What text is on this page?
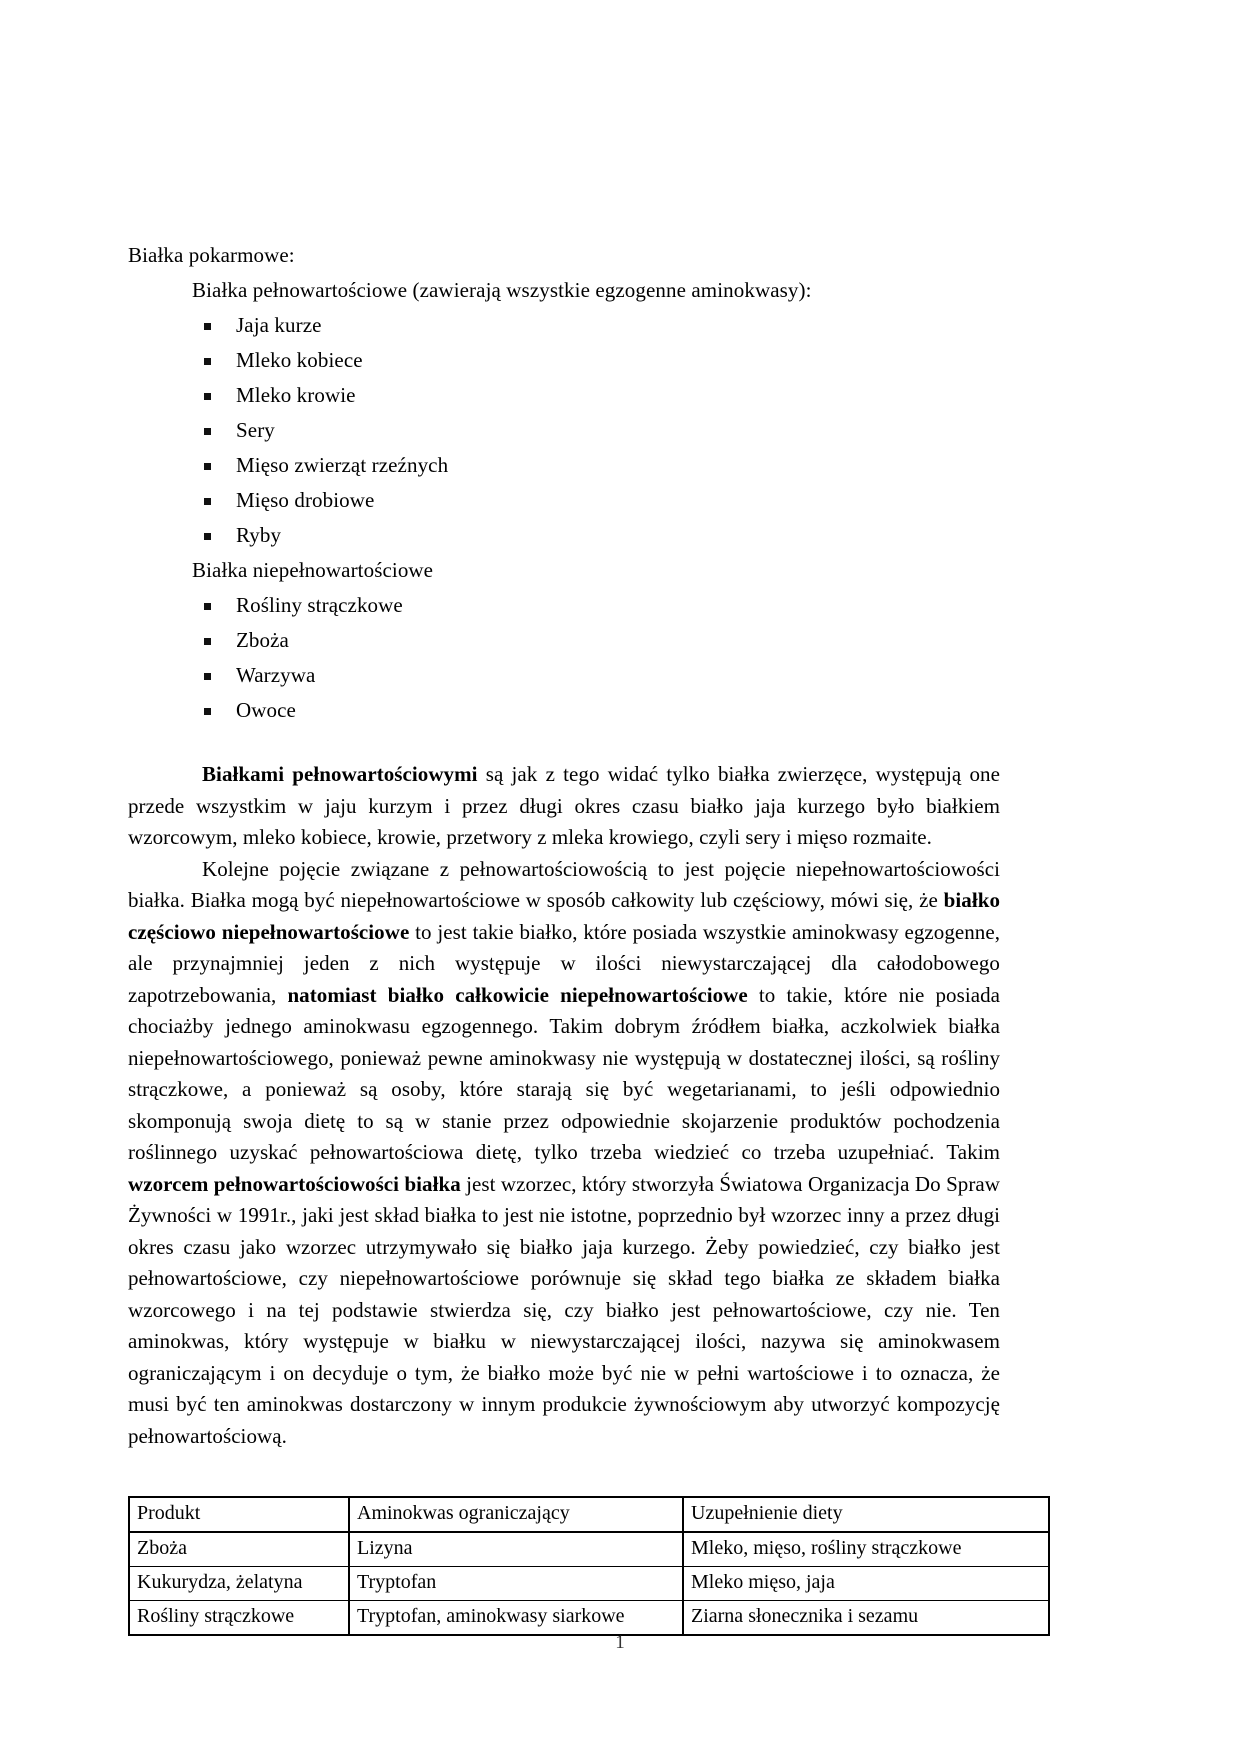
Białka pokarmowe:
Białka pełnowartościowe (zawierają wszystkie egzogenne aminokwasy):
Jaja kurze
Mleko kobiece
Mleko krowie
Sery
Mięso zwierząt rzeźnych
Mięso drobiowe
Ryby
Białka niepełnowartościowe
Rośliny strączkowe
Zboża
Warzywa
Owoce

Białkami pełnowartościowymi są jak z tego widać tylko białka zwierzęce, występują one przede wszystkim w jaju kurzym i przez długi okres czasu białko jaja kurzego było białkiem wzorcowym, mleko kobiece, krowie, przetwory z mleka krowiego, czyli sery i mięso rozmaite.

Kolejne pojęcie związane z pełnowartościowością to jest pojęcie niepełnowartościowości białka. Białka mogą być niepełnowartościowe w sposób całkowity lub częściowy, mówi się, że białko częściowo niepełnowartościowe to jest takie białko, które posiada wszystkie aminokwasy egzogenne, ale przynajmniej jeden z nich występuje w ilości niewystarczającej dla całodobowego zapotrzebowania, natomiast białko całkowicie niepełnowartościowe to takie, które nie posiada chociażby jednego aminokwasu egzogennego. Takim dobrym źródłem białka, aczkolwiek białka niepełnowartościowego, ponieważ pewne aminokwasy nie występują w dostatecznej ilości, są rośliny strączkowe, a ponieważ są osoby, które starają się być wegetarianami, to jeśli odpowiednio skomponują swoja dietę to są w stanie przez odpowiednie skojarzenie produktów pochodzenia roślinnego uzyskać pełnowartościowa dietę, tylko trzeba wiedzieć co trzeba uzupełniać. Takim wzorcem pełnowartościowości białka jest wzorzec, który stworzyła Światowa Organizacja Do Spraw Żywności w 1991r., jaki jest skład białka to jest nie istotne, poprzednio był wzorzec inny a przez długi okres czasu jako wzorzec utrzymywało się białko jaja kurzego. Żeby powiedzieć, czy białko jest pełnowartościowe, czy niepełnowartościowe porównuje się skład tego białka ze składem białka wzorcowego i na tej podstawie stwierdza się, czy białko jest pełnowartościowe, czy nie. Ten aminokwas, który występuje w białku w niewystarczającej ilości, nazywa się aminokwasem ograniczającym i on decyduje o tym, że białko może być nie w pełni wartościowe i to oznacza, że musi być ten aminokwas dostarczony w innym produkcie żywnościowym aby utworzyć kompozycję pełnowartościową.

Produkt	Aminokwas ograniczający	Uzupełnienie diety
Zboża	Lizyna	Mleko, mięso, rośliny strączkowe
Kukurydza, żelatyna	Tryptofan	Mleko mięso, jaja
Rośliny strączkowe	Tryptofan, aminokwasy siarkowe	Ziarna słonecznika i sezamu
1
